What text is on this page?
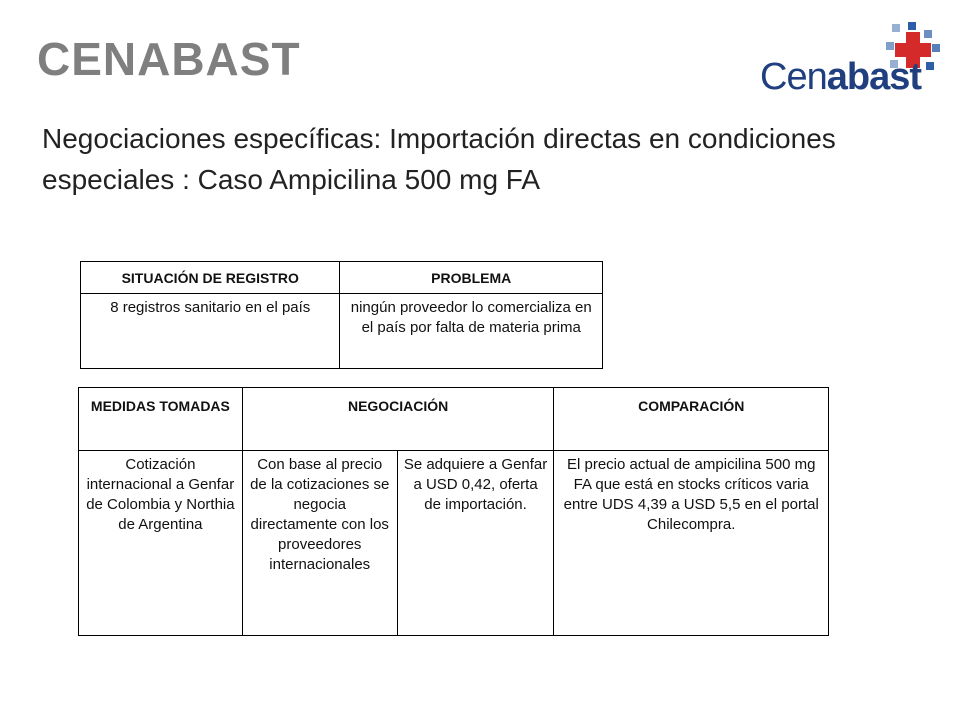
CENABAST	Cenabast
Negociaciones específicas: Importación directas en condiciones especiales : Caso Ampicilina 500 mg FA
SITUACIÓN DE REGISTRO	PROBLEMA
8 registros sanitario en el país	ningún proveedor lo comercializa en el país por falta de materia prima
MEDIDAS TOMADAS	NEGOCIACIÓN		COMPARACIÓN
Cotización internacional a Genfar de Colombia y Northia de Argentina	Con base al precio de la cotizaciones se negocia directamente con los proveedores internacionales	Se adquiere a Genfar a USD 0,42, oferta de importación.	El precio actual de ampicilina 500 mg FA que está en stocks críticos varia entre UDS 4,39 a USD 5,5 en el portal Chilecompra.
